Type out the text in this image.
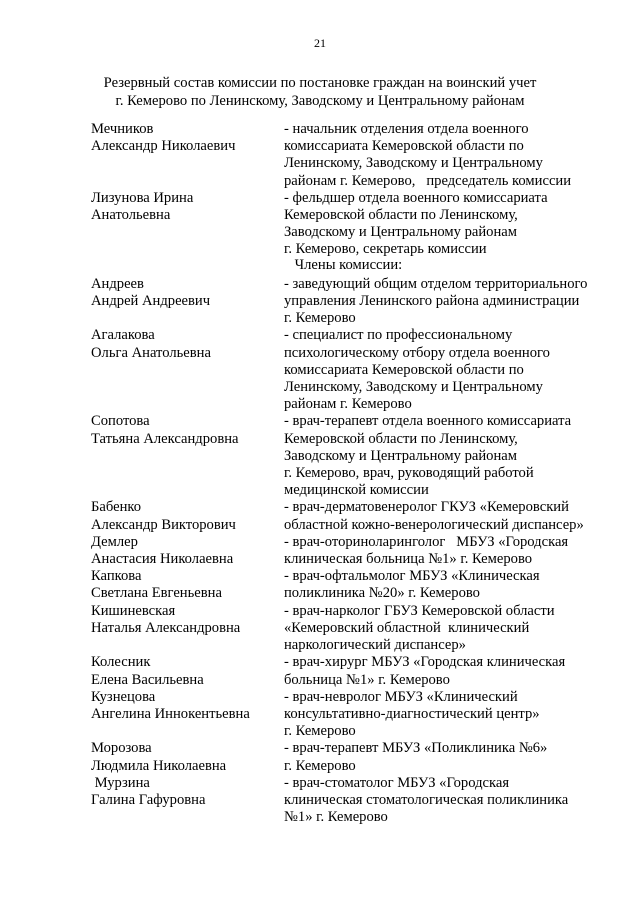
21
Резервный состав комиссии по постановке граждан на воинский учет
г. Кемерово по Ленинскому, Заводскому и Центральному районам
Мечников
Александр Николаевич
- начальник отделения отдела военного
комиссариата Кемеровской области по
Ленинскому, Заводскому и Центральному
районам г. Кемерово,   председатель комиссии
Лизунова Ирина
Анатольевна
- фельдшер отдела военного комиссариата
Кемеровской области по Ленинскому,
Заводскому и Центральному районам
г. Кемерово, секретарь комиссии
Члены комиссии:
Андреев
Андрей Андреевич
- заведующий общим отделом территориального
управления Ленинского района администрации
г. Кемерово
Агалакова
Ольга Анатольевна
- специалист по профессиональному
психологическому отбору отдела военного
комиссариата Кемеровской области по
Ленинскому, Заводскому и Центральному
районам г. Кемерово
Сопотова
Татьяна Александровна
- врач-терапевт отдела военного комиссариата
Кемеровской области по Ленинскому,
Заводскому и Центральному районам
г. Кемерово, врач, руководящий работой
медицинской комиссии
Бабенко
Александр Викторович
- врач-дерматовенеролог ГКУЗ «Кемеровский
областной кожно-венерологический диспансер»
Демлер
Анастасия Николаевна
- врач-оториноларинголог   МБУЗ «Городская
клиническая больница №1» г. Кемерово
Капкова
Светлана Евгеньевна
- врач-офтальмолог МБУЗ «Клиническая
поликлиника №20» г. Кемерово
Кишиневская
Наталья Александровна
- врач-нарколог ГБУЗ Кемеровской области
«Кемеровский областной  клинический
наркологический диспансер»
Колесник
Елена Васильевна
- врач-хирург МБУЗ «Городская клиническая
больница №1» г. Кемерово
Кузнецова
Ангелина Иннокентьевна
- врач-невролог МБУЗ «Клинический
консультативно-диагностический центр»
г. Кемерово
Морозова
Людмила Николаевна
- врач-терапевт МБУЗ «Поликлиника №6»
г. Кемерово
Мурзина
Галина Гафуровна
- врач-стоматолог МБУЗ «Городская
клиническая стоматологическая поликлиника
№1» г. Кемерово
